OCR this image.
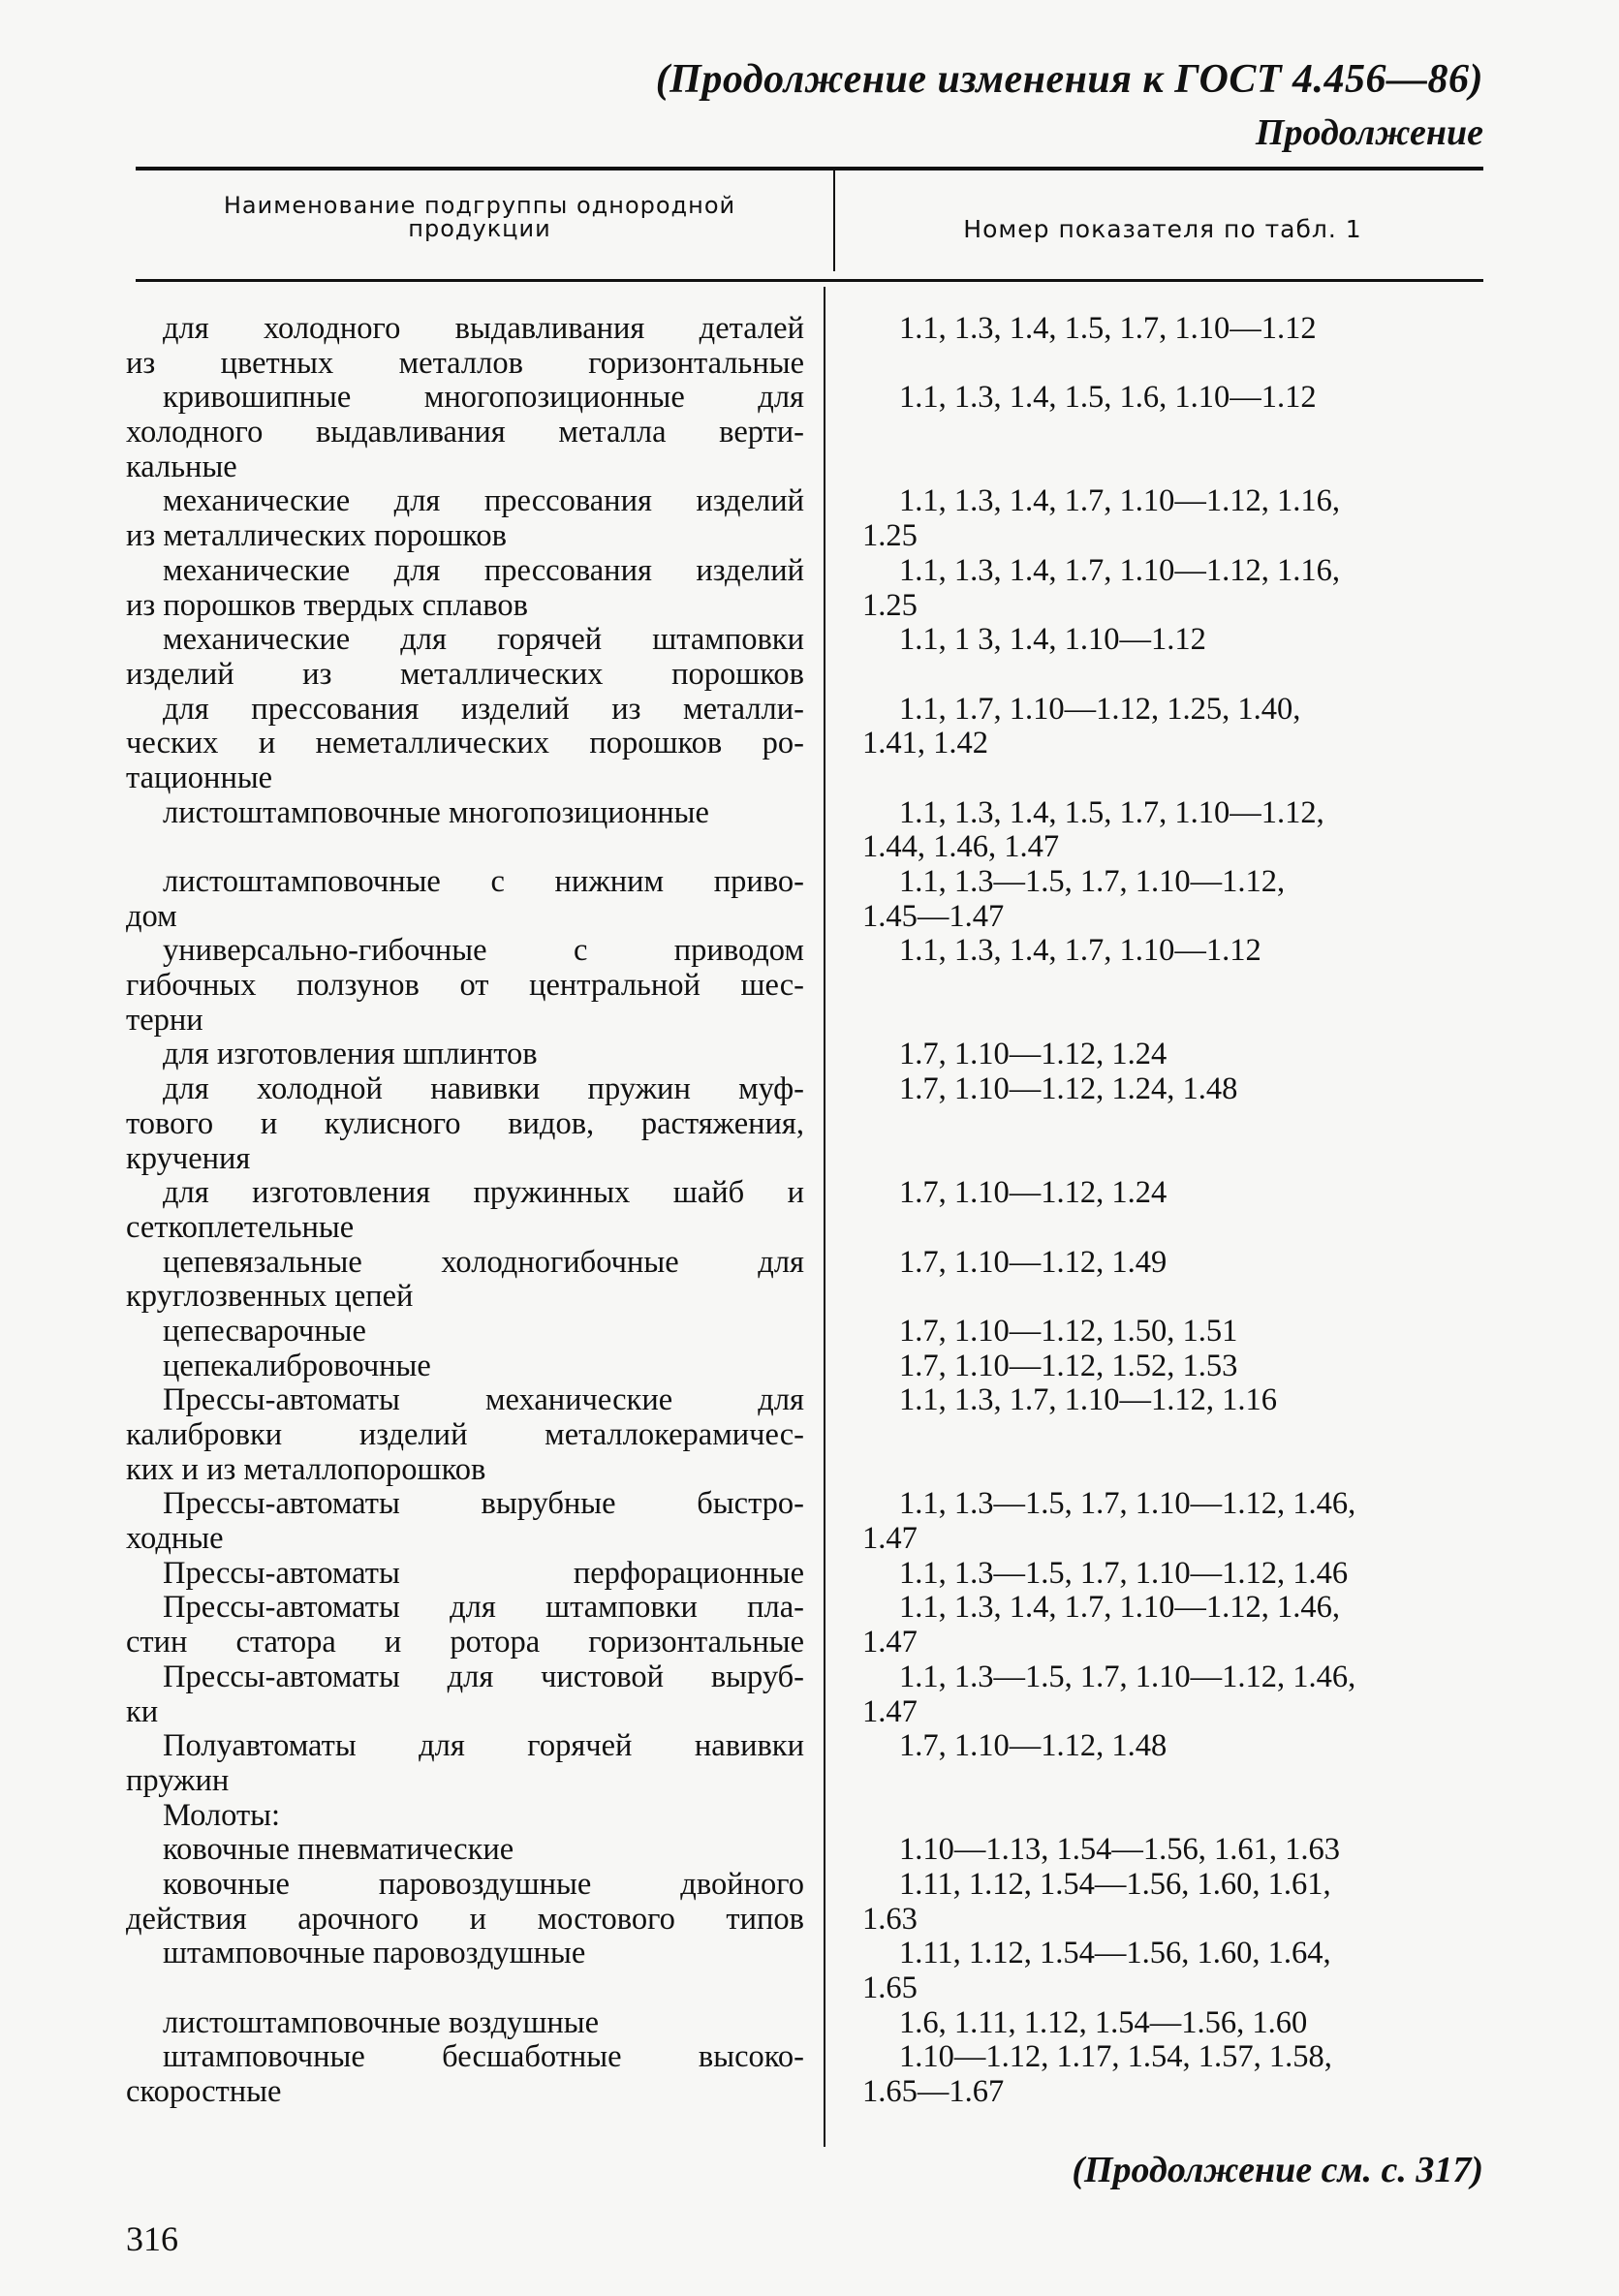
(Продолжение изменения к ГОСТ 4.456—86)
Продолжение
Наименование подгруппы однородной
продукции	Номер показателя по табл. 1
для холодного выдавливания деталей
из цветных металлов горизонтальные
кривошипные многопозиционные для
холодного выдавливания металла верти-
кальные
механические для прессования изделий
из металлических порошков
механические для прессования изделий
из порошков твердых сплавов
механические для горячей штамповки
изделий из металлических порошков
для прессования изделий из металли-
ческих и неметаллических порошков ро-
тационные
листоштамповочные многопозиционные
листоштамповочные с нижним приво-
дом
универсально-гибочные с приводом
гибочных ползунов от центральной шес-
терни
для изготовления шплинтов
для холодной навивки пружин муф-
тового и кулисного видов, растяжения,
кручения
для изготовления пружинных шайб и
сеткоплетельные
цепевязальные холодногибочные для
круглозвенных цепей
цепесварочные
цепекалибровочные
Прессы-автоматы механические для
калибровки изделий металлокерамичес-
ких и из металлопорошков
Прессы-автоматы вырубные быстро-
ходные
Прессы-автоматы перфорационные
Прессы-автоматы для штамповки пла-
стин статора и ротора горизонтальные
Прессы-автоматы для чистовой выруб-
ки
Полуавтоматы для горячей навивки
пружин
Молоты:
ковочные пневматические
ковочные паровоздушные двойного
действия арочного и мостового типов
штамповочные паровоздушные
листоштамповочные воздушные
штамповочные бесшаботные высоко-
скоростные
1.1, 1.3, 1.4, 1.5, 1.7, 1.10—1.12
1.1, 1.3, 1.4, 1.5, 1.6, 1.10—1.12
1.1, 1.3, 1.4, 1.7, 1.10—1.12, 1.16,
1.25
1.1, 1.3, 1.4, 1.7, 1.10—1.12, 1.16,
1.25
1.1, 1 3, 1.4, 1.10—1.12
1.1, 1.7, 1.10—1.12, 1.25, 1.40,
1.41, 1.42
1.1, 1.3, 1.4, 1.5, 1.7, 1.10—1.12,
1.44, 1.46, 1.47
1.1, 1.3—1.5, 1.7, 1.10—1.12,
1.45—1.47
1.1, 1.3, 1.4, 1.7, 1.10—1.12
1.7, 1.10—1.12, 1.24
1.7, 1.10—1.12, 1.24, 1.48
1.7, 1.10—1.12, 1.24
1.7, 1.10—1.12, 1.49
1.7, 1.10—1.12, 1.50, 1.51
1.7, 1.10—1.12, 1.52, 1.53
1.1, 1.3, 1.7, 1.10—1.12, 1.16
1.1, 1.3—1.5, 1.7, 1.10—1.12, 1.46,
1.47
1.1, 1.3—1.5, 1.7, 1.10—1.12, 1.46
1.1, 1.3, 1.4, 1.7, 1.10—1.12, 1.46,
1.47
1.1, 1.3—1.5, 1.7, 1.10—1.12, 1.46,
1.47
1.7, 1.10—1.12, 1.48
1.10—1.13, 1.54—1.56, 1.61, 1.63
1.11, 1.12, 1.54—1.56, 1.60, 1.61,
1.63
1.11, 1.12, 1.54—1.56, 1.60, 1.64,
1.65
1.6, 1.11, 1.12, 1.54—1.56, 1.60
1.10—1.12, 1.17, 1.54, 1.57, 1.58,
1.65—1.67
(Продолжение см. с. 317)
316
